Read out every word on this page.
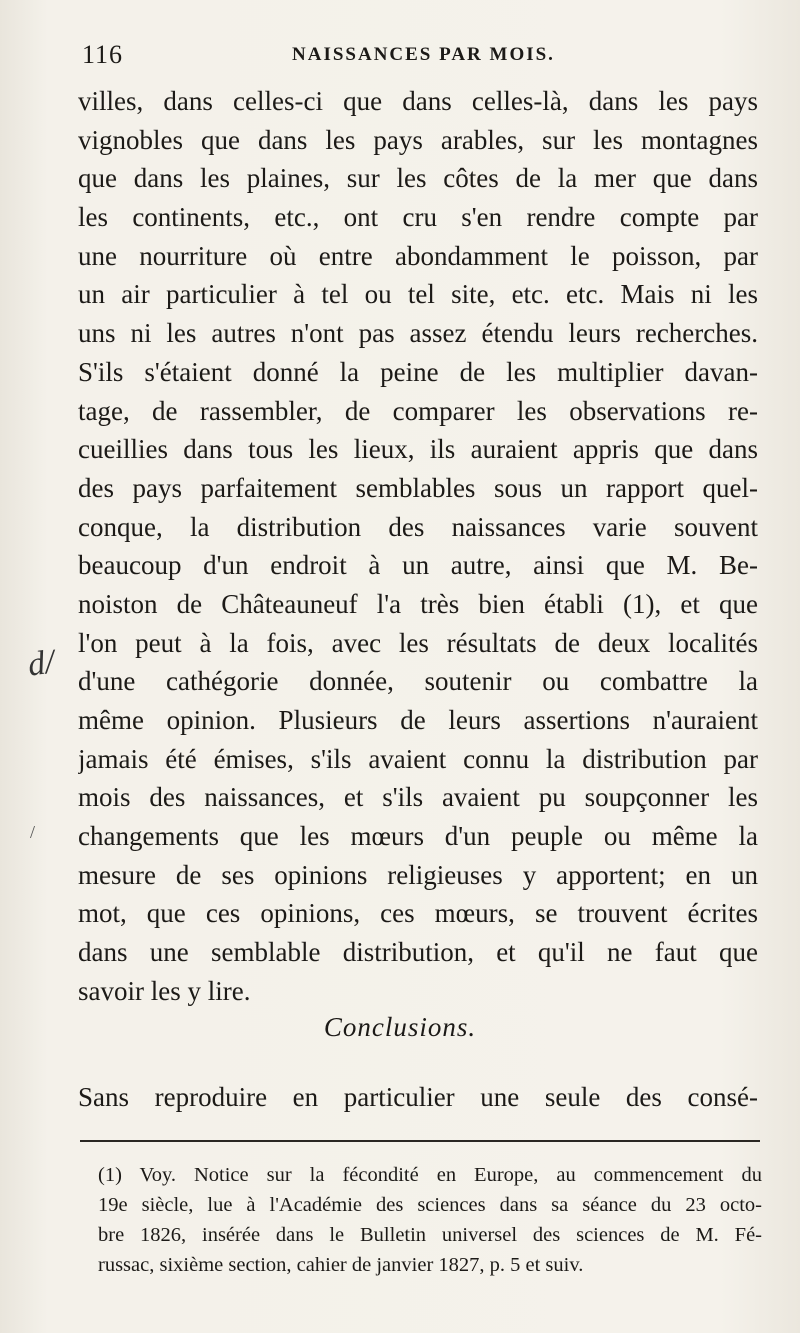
116	NAISSANCES PAR MOIS.
d/
/
villes, dans celles-ci que dans celles-là, dans les pays
vignobles que dans les pays arables, sur les montagnes
que dans les plaines, sur les côtes de la mer que dans
les continents, etc., ont cru s'en rendre compte par
une nourriture où entre abondamment le poisson, par
un air particulier à tel ou tel site, etc. etc. Mais ni les
uns ni les autres n'ont pas assez étendu leurs recherches.
S'ils s'étaient donné la peine de les multiplier davan-
tage, de rassembler, de comparer les observations re-
cueillies dans tous les lieux, ils auraient appris que dans
des pays parfaitement semblables sous un rapport quel-
conque, la distribution des naissances varie souvent
beaucoup d'un endroit à un autre, ainsi que M. Be-
noiston de Châteauneuf l'a très bien établi (1), et que
l'on peut à la fois, avec les résultats de deux localités
d'une cathégorie donnée, soutenir ou combattre la
même opinion. Plusieurs de leurs assertions n'auraient
jamais été émises, s'ils avaient connu la distribution par
mois des naissances, et s'ils avaient pu soupçonner les
changements que les mœurs d'un peuple ou même la
mesure de ses opinions religieuses y apportent; en un
mot, que ces opinions, ces mœurs, se trouvent écrites
dans une semblable distribution, et qu'il ne faut que
savoir les y lire.
Conclusions.
Sans reproduire en particulier une seule des consé-
(1) Voy. Notice sur la fécondité en Europe, au commencement du
19e siècle, lue à l'Académie des sciences dans sa séance du 23 octo-
bre 1826, insérée dans le Bulletin universel des sciences de M. Fé-
russac, sixième section, cahier de janvier 1827, p. 5 et suiv.
